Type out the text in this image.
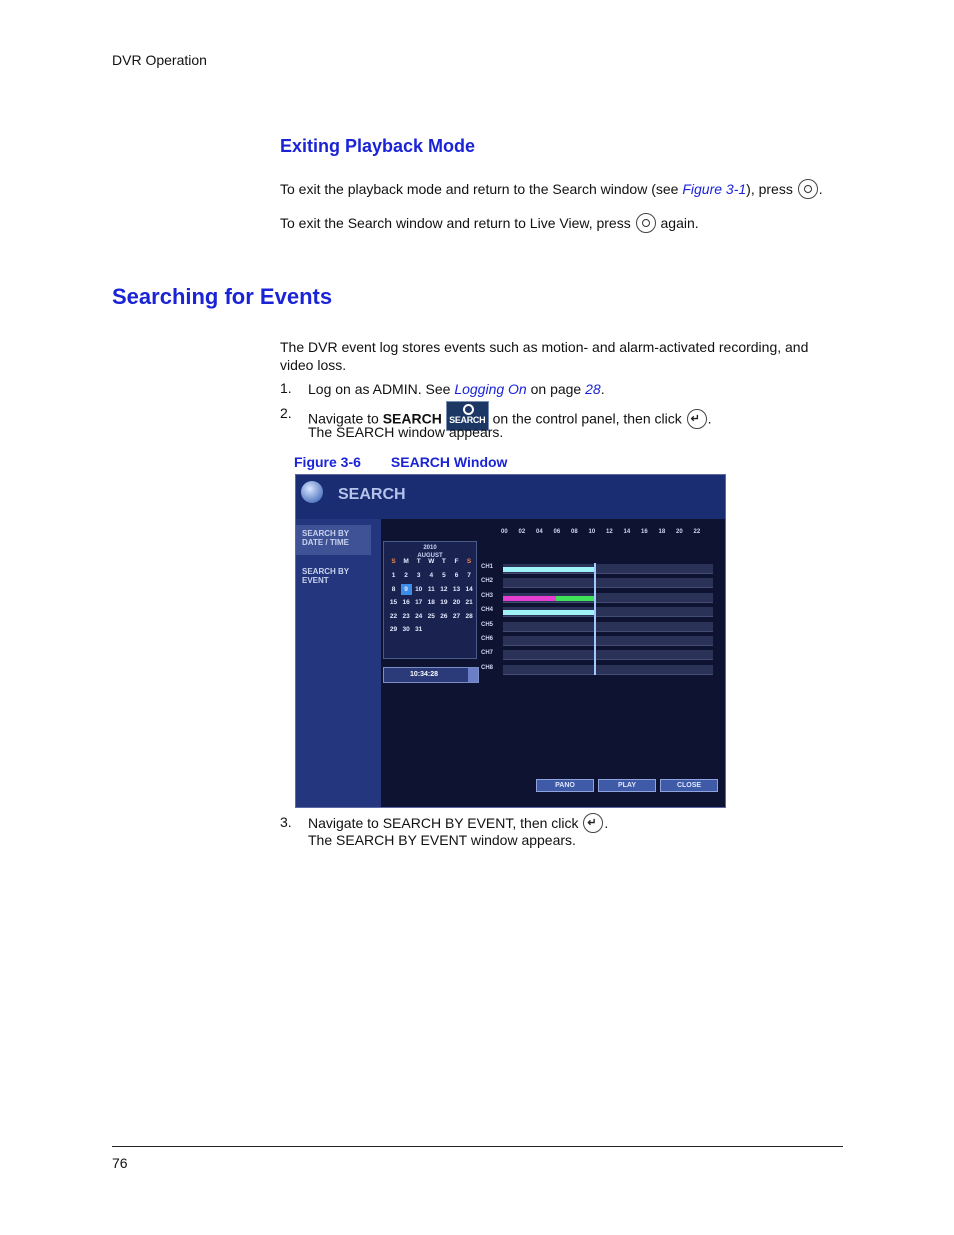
DVR Operation
Exiting Playback Mode
To exit the playback mode and return to the Search window (see Figure 3-1), press
.
To exit the Search window and return to Live View, press
again.
Searching for Events
The DVR event log stores events such as motion- and alarm-activated recording, and video loss.
1. Log on as ADMIN. See Logging On on page 28.
2. Navigate to SEARCH SEARCH on the control panel, then click ↵ .
The SEARCH window appears.
Figure 3-6 SEARCH Window
SEARCH
SEARCH BY DATE / TIME
SEARCH BY EVENT
2010
AUGUST
S	M	T	W	T	F	S
1	2	3	4	5	6	7
8	9	10 11 12 13 14
15 16 17 18 19 20 21
22 23 24 25 26 27 28
29 30 31
10:34:28
00 02 04 06 08 10 12 14 16 18 20 22
CH1
CH2
CH3
CH4
CH5
CH6
CH7
CH8
PANO	PLAY	CLOSE
3. Navigate to SEARCH BY EVENT, then click ↵ .
The SEARCH BY EVENT window appears.
76
